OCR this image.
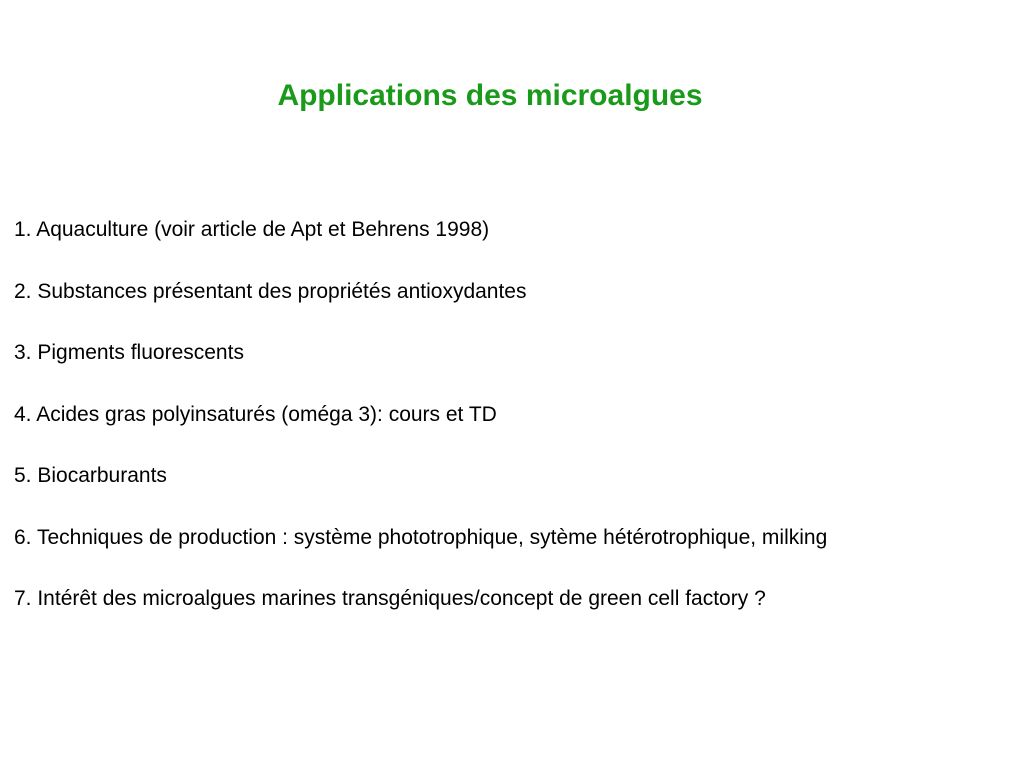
Applications des microalgues
1. Aquaculture (voir article de Apt et Behrens 1998)
2. Substances présentant des propriétés antioxydantes
3. Pigments fluorescents
4. Acides gras polyinsaturés (oméga 3): cours et TD
5. Biocarburants
6. Techniques de production : système phototrophique, sytème hétérotrophique, milking
7. Intérêt des microalgues marines transgéniques/concept de green cell factory ?
